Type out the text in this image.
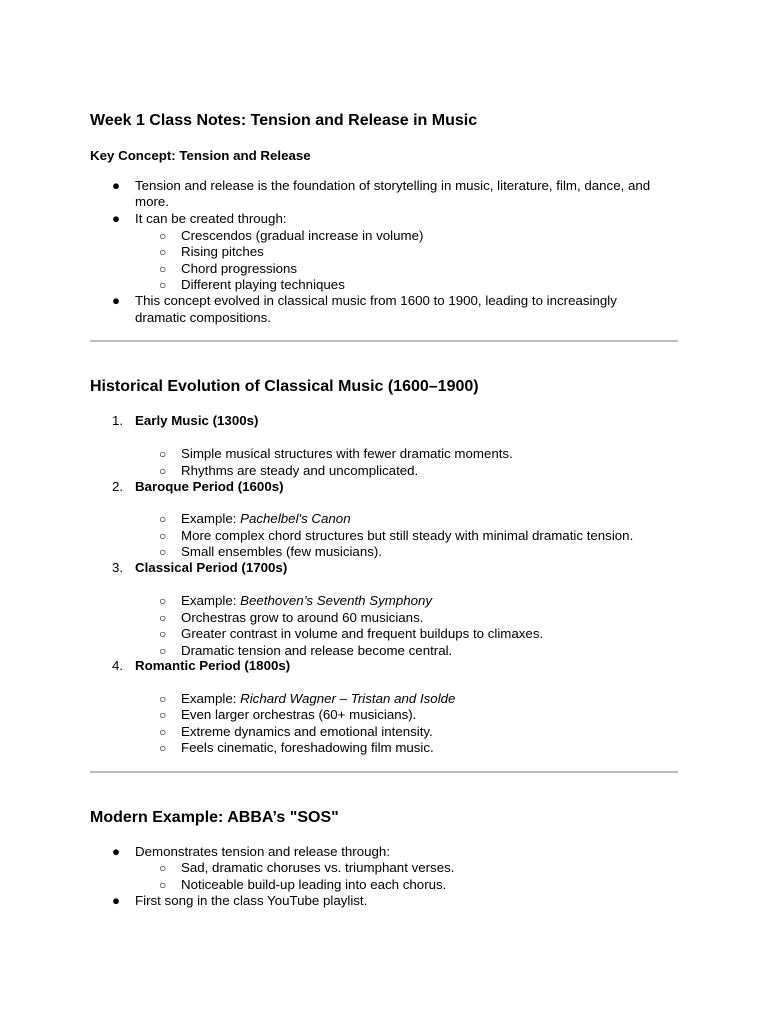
Week 1 Class Notes: Tension and Release in Music
Key Concept: Tension and Release
● Tension and release is the foundation of storytelling in music, literature, film, dance, and
more.
● It can be created through:
○ Crescendos (gradual increase in volume)
○ Rising pitches
○ Chord progressions
○ Different playing techniques
● This concept evolved in classical music from 1600 to 1900, leading to increasingly
dramatic compositions.
Historical Evolution of Classical Music (1600–1900)
1. Early Music (1300s)
○ Simple musical structures with fewer dramatic moments.
○ Rhythms are steady and uncomplicated.
2. Baroque Period (1600s)
○ Example: Pachelbel's Canon
○ More complex chord structures but still steady with minimal dramatic tension.
○ Small ensembles (few musicians).
3. Classical Period (1700s)
○ Example: Beethoven’s Seventh Symphony
○ Orchestras grow to around 60 musicians.
○ Greater contrast in volume and frequent buildups to climaxes.
○ Dramatic tension and release become central.
4. Romantic Period (1800s)
○ Example: Richard Wagner – Tristan and Isolde
○ Even larger orchestras (60+ musicians).
○ Extreme dynamics and emotional intensity.
○ Feels cinematic, foreshadowing film music.
Modern Example: ABBA’s "SOS"
● Demonstrates tension and release through:
○ Sad, dramatic choruses vs. triumphant verses.
○ Noticeable build-up leading into each chorus.
● First song in the class YouTube playlist.
